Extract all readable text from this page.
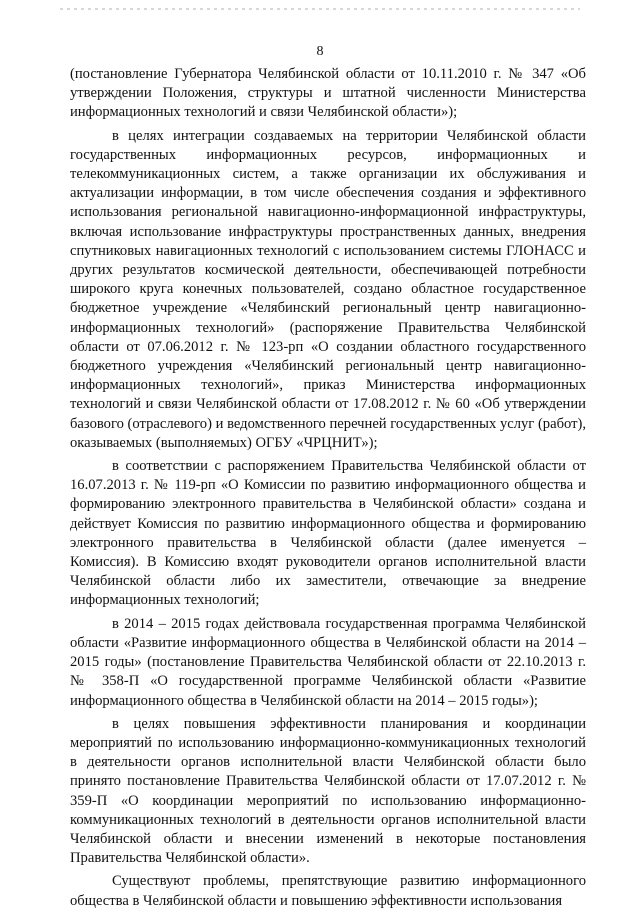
8

(постановление Губернатора Челябинской области от 10.11.2010 г. № 347 «Об утверждении Положения, структуры и штатной численности Министерства информационных технологий и связи Челябинской области»);

в целях интеграции создаваемых на территории Челябинской области государственных информационных ресурсов, информационных и телекоммуникационных систем, а также организации их обслуживания и актуализации информации, в том числе обеспечения создания и эффективного использования региональной навигационно-информационной инфраструктуры, включая использование инфраструктуры пространственных данных, внедрения спутниковых навигационных технологий с использованием системы ГЛОНАСС и других результатов космической деятельности, обеспечивающей потребности широкого круга конечных пользователей, создано областное государственное бюджетное учреждение «Челябинский региональный центр навигационно-информационных технологий» (распоряжение Правительства Челябинской области от 07.06.2012 г. № 123-рп «О создании областного государственного бюджетного учреждения «Челябинский региональный центр навигационно-информационных технологий», приказ Министерства информационных технологий и связи Челябинской области от 17.08.2012 г. № 60 «Об утверждении базового (отраслевого) и ведомственного перечней государственных услуг (работ), оказываемых (выполняемых) ОГБУ «ЧРЦНИТ»);

в соответствии с распоряжением Правительства Челябинской области от 16.07.2013 г. № 119-рп «О Комиссии по развитию информационного общества и формированию электронного правительства в Челябинской области» создана и действует Комиссия по развитию информационного общества и формированию электронного правительства в Челябинской области (далее именуется – Комиссия). В Комиссию входят руководители органов исполнительной власти Челябинской области либо их заместители, отвечающие за внедрение информационных технологий;

в 2014 – 2015 годах действовала государственная программа Челябинской области «Развитие информационного общества в Челябинской области на 2014 – 2015 годы» (постановление Правительства Челябинской области от 22.10.2013 г. № 358-П «О государственной программе Челябинской области «Развитие информационного общества в Челябинской области на 2014 – 2015 годы»);

в целях повышения эффективности планирования и координации мероприятий по использованию информационно-коммуникационных технологий в деятельности органов исполнительной власти Челябинской области было принято постановление Правительства Челябинской области от 17.07.2012 г. № 359-П «О координации мероприятий по использованию информационно-коммуникационных технологий в деятельности органов исполнительной власти Челябинской области и внесении изменений в некоторые постановления Правительства Челябинской области».

Существуют проблемы, препятствующие развитию информационного общества в Челябинской области и повышению эффективности использования
